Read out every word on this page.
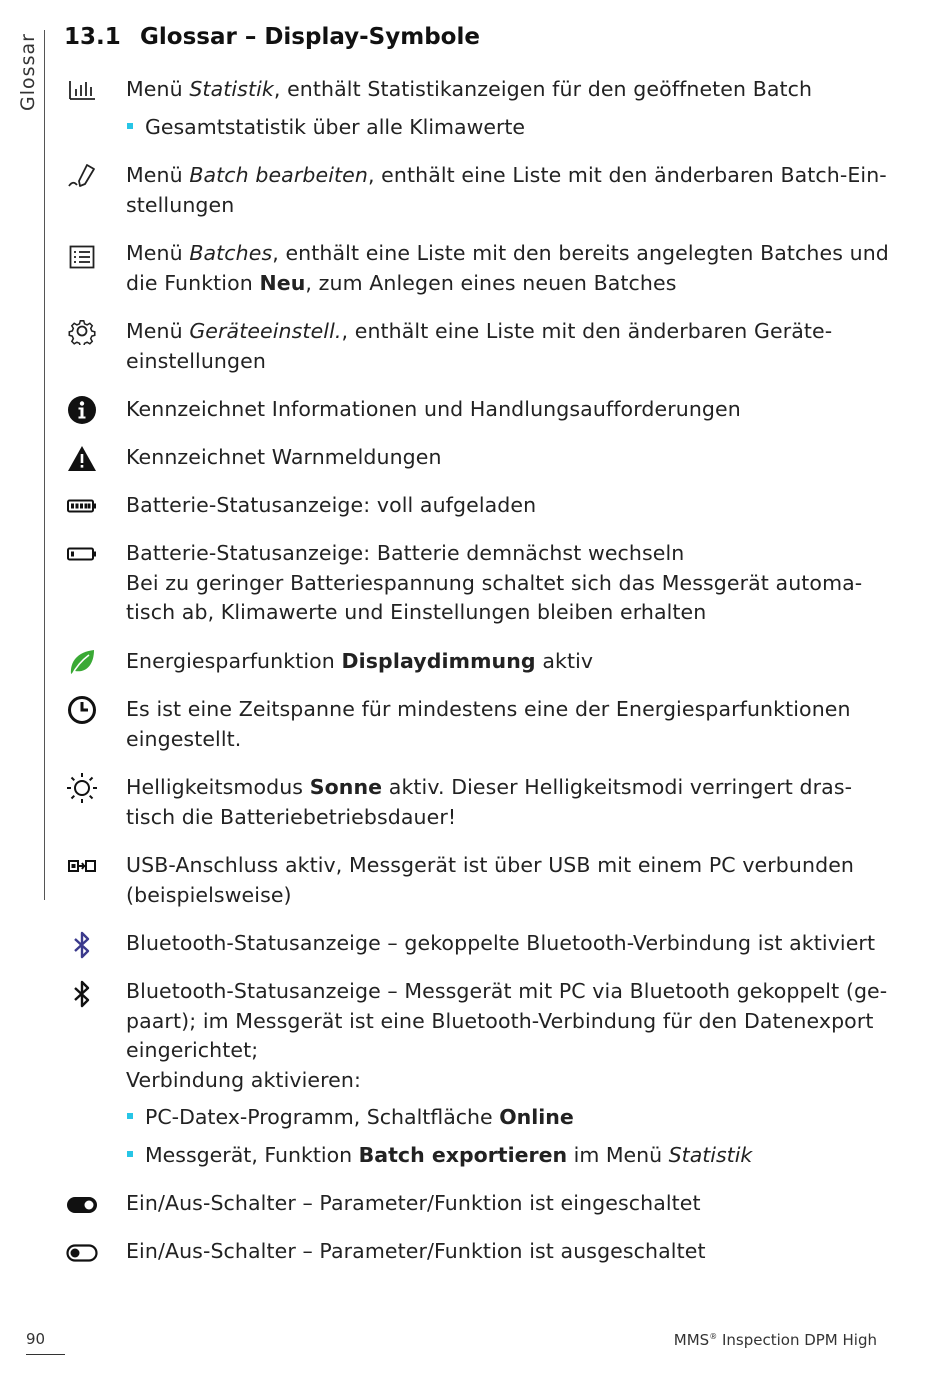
Glossar 13.1 Glossar – Display-Symbole

Menü Statistik, enthält Statistikanzeigen für den geöffneten Batch

Gesamtstatistik über alle Klimawerte

Menü Batch bearbeiten, enthält eine Liste mit den änderbaren Batch-Ein-

stellungen

Menü Batches, enthält eine Liste mit den bereits angelegten Batches und

die Funktion Neu, zum Anlegen eines neuen Batches

Menü Geräteeinstell., enthält eine Liste mit den änderbaren Geräte-

einstellungen

Kennzeichnet Informationen und Handlungsaufforderungen

Kennzeichnet Warnmeldungen

Batterie-Statusanzeige: voll aufgeladen

Batterie-Statusanzeige: Batterie demnächst wechseln

Bei zu geringer Batteriespannung schaltet sich das Messgerät automa-

tisch ab, Klimawerte und Einstellungen bleiben erhalten

Energiesparfunktion Displaydimmung aktiv

Es ist eine Zeitspanne für mindestens eine der Energiesparfunktionen

eingestellt.

Helligkeitsmodus Sonne aktiv. Dieser Helligkeitsmodi verringert dras-

tisch die Batteriebetriebsdauer!

USB-Anschluss aktiv, Messgerät ist über USB mit einem PC verbunden

(beispielsweise)

Bluetooth-Statusanzeige – gekoppelte Bluetooth-Verbindung ist aktiviert

Bluetooth-Statusanzeige – Messgerät mit PC via Bluetooth gekoppelt (ge-

paart); im Messgerät ist eine Bluetooth-Verbindung für den Datenexport

eingerichtet;

Verbindung aktivieren:

PC-Datex-Programm, Schaltfläche Online
Messgerät, Funktion Batch exportieren im Menü Statistik

Ein/Aus-Schalter – Parameter/Funktion ist eingeschaltet

Ein/Aus-Schalter – Parameter/Funktion ist ausgeschaltet

90	MMS® Inspection DPM High
